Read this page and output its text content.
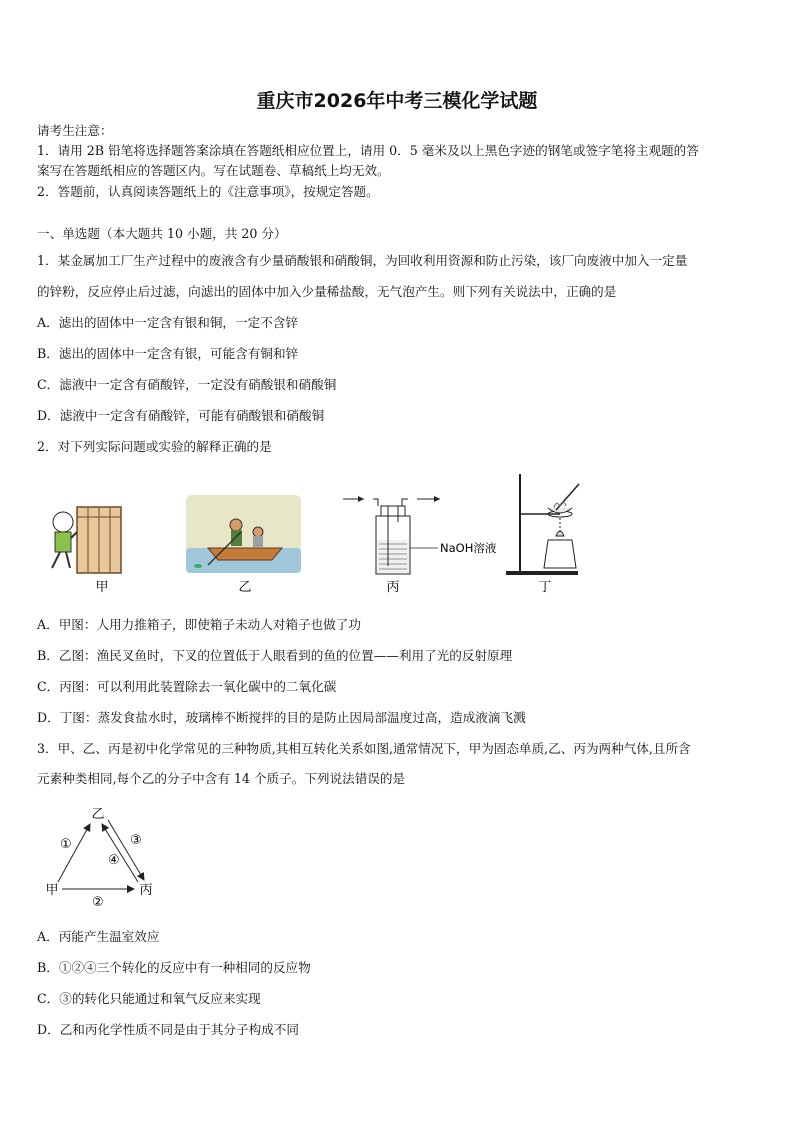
重庆市2026年中考三模化学试题
请考生注意：
1．请用 2B 铅笔将选择题答案涂填在答题纸相应位置上，请用 0．5 毫米及以上黑色字迹的钢笔或签字笔将主观题的答
案写在答题纸相应的答题区内。写在试题卷、草稿纸上均无效。
2．答题前，认真阅读答题纸上的《注意事项》，按规定答题。
一、单选题（本大题共 10 小题，共 20 分）
1．某金属加工厂生产过程中的废液含有少量硝酸银和硝酸铜，为回收利用资源和防止污染，该厂向废液中加入一定量
的锌粉，反应停止后过滤，向滤出的固体中加入少量稀盐酸，无气泡产生。则下列有关说法中，正确的是
A．滤出的固体中一定含有银和铜，一定不含锌
B．滤出的固体中一定含有银，可能含有铜和锌
C．滤液中一定含有硝酸锌，一定没有硝酸银和硝酸铜
D．滤液中一定含有硝酸锌，可能有硝酸银和硝酸铜
2．对下列实际问题或实验的解释正确的是
NaOH溶液
甲	乙	丙	丁
A．甲图：人用力推箱子，即使箱子未动人对箱子也做了功
B．乙图：渔民叉鱼时，下叉的位置低于人眼看到的鱼的位置——利用了光的反射原理
C．丙图：可以利用此装置除去一氧化碳中的二氧化碳
D．丁图：蒸发食盐水时，玻璃棒不断搅拌的目的是防止因局部温度过高，造成液滴飞溅
3．甲、乙、丙是初中化学常见的三种物质,其相互转化关系如图,通常情况下，甲为固态单质,乙、丙为两种气体,且所含
元素种类相同,每个乙的分子中含有 14 个质子。下列说法错误的是
乙
甲	丙
①	③
④
②
A．丙能产生温室效应
B．①②④三个转化的反应中有一种相同的反应物
C．③的转化只能通过和氧气反应来实现
D．乙和丙化学性质不同是由于其分子构成不同
